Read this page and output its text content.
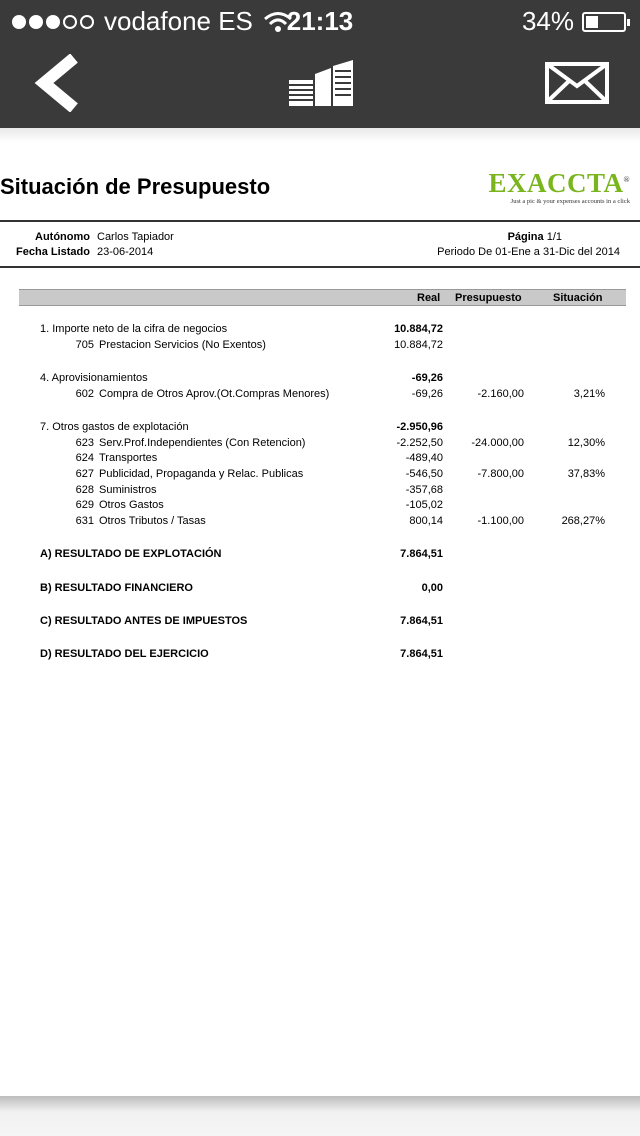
vodafone ES	21:13	34%
Situación de Presupuesto	EXACCTA®
Just a pic & your expenses accounts in a click
Autónomo Carlos Tapiador
Fecha Listado 23-06-2014
Página 1/1
Periodo De 01-Ene a 31-Dic del 2014
Real Presupuesto	Situación
1. Importe neto de la cifra de negocios	10.884,72
705 Prestacion Servicios (No Exentos)	10.884,72
4. Aprovisionamientos	-69,26
602 Compra de Otros Aprov.(Ot.Compras Menores)	-69,26	-2.160,00	3,21%
7. Otros gastos de explotación	-2.950,96
623 Serv.Prof.Independientes (Con Retencion)	-2.252,50	-24.000,00	12,30%
624 Transportes	-489,40
627 Publicidad, Propaganda y Relac. Publicas	-546,50	-7.800,00	37,83%
628 Suministros	-357,68
629 Otros Gastos	-105,02
631 Otros Tributos / Tasas	800,14	-1.100,00	268,27%
A) RESULTADO DE EXPLOTACIÓN	7.864,51
B) RESULTADO FINANCIERO	0,00
C) RESULTADO ANTES DE IMPUESTOS	7.864,51
D) RESULTADO DEL EJERCICIO	7.864,51
